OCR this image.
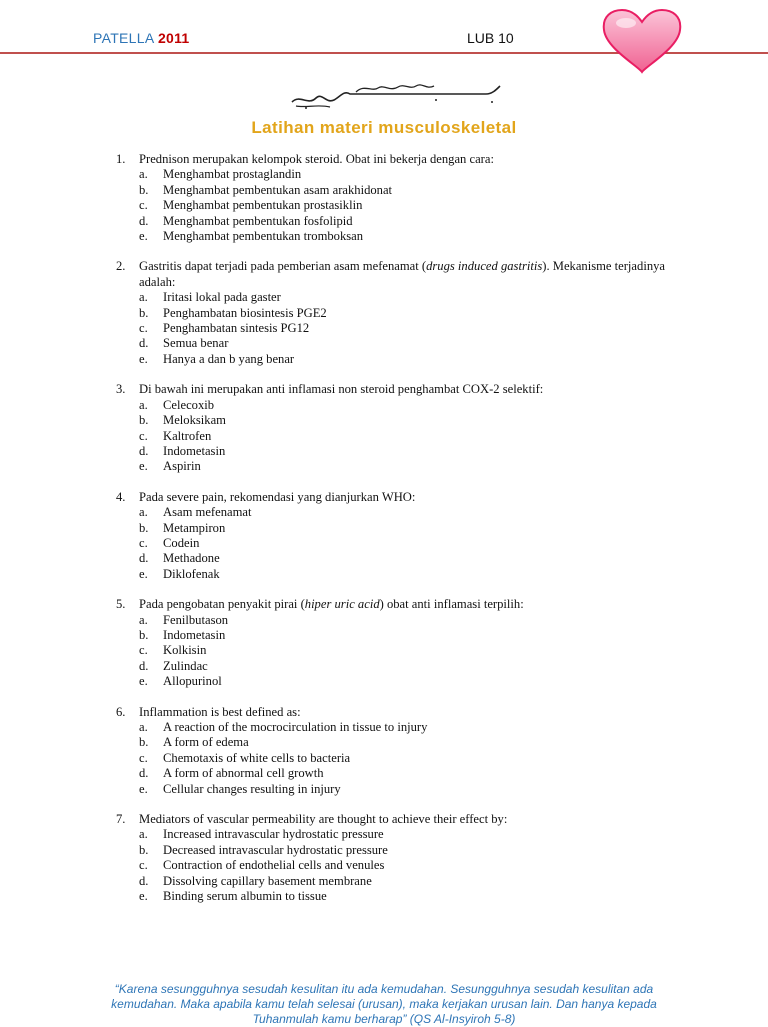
PATELLA 2011	LUB 10
Latihan materi musculoskeletal
1. Prednison merupakan kelompok steroid. Obat ini bekerja dengan cara:
a. Menghambat prostaglandin
b. Menghambat pembentukan asam arakhidonat
c. Menghambat pembentukan prostasiklin
d. Menghambat pembentukan fosfolipid
e. Menghambat pembentukan tromboksan
2. Gastritis dapat terjadi pada pemberian asam mefenamat (drugs induced gastritis). Mekanisme terjadinya adalah:
a. Iritasi lokal pada gaster
b. Penghambatan biosintesis PGE2
c. Penghambatan sintesis PG12
d. Semua benar
e. Hanya a dan b yang benar
3. Di bawah ini merupakan anti inflamasi non steroid penghambat COX-2 selektif:
a. Celecoxib
b. Meloksikam
c. Kaltrofen
d. Indometasin
e. Aspirin
4. Pada severe pain, rekomendasi yang dianjurkan WHO:
a. Asam mefenamat
b. Metampiron
c. Codein
d. Methadone
e. Diklofenak
5. Pada pengobatan penyakit pirai (hiper uric acid) obat anti inflamasi terpilih:
a. Fenilbutason
b. Indometasin
c. Kolkisin
d. Zulindac
e. Allopurinol
6. Inflammation is best defined as:
a. A reaction of the mocrocirculation in tissue to injury
b. A form of edema
c. Chemotaxis of white cells to bacteria
d. A form of abnormal cell growth
e. Cellular changes resulting in injury
7. Mediators of vascular permeability are thought to achieve their effect by:
a. Increased intravascular hydrostatic pressure
b. Decreased intravascular hydrostatic pressure
c. Contraction of endothelial cells and venules
d. Dissolving capillary basement membrane
e. Binding serum albumin to tissue
“Karena sesungguhnya sesudah kesulitan itu ada kemudahan. Sesungguhnya sesudah kesulitan ada kemudahan. Maka apabila kamu telah selesai (urusan), maka kerjakan urusan lain. Dan hanya kepada Tuhanmulah kamu berharap” (QS Al-Insyiroh 5-8)
